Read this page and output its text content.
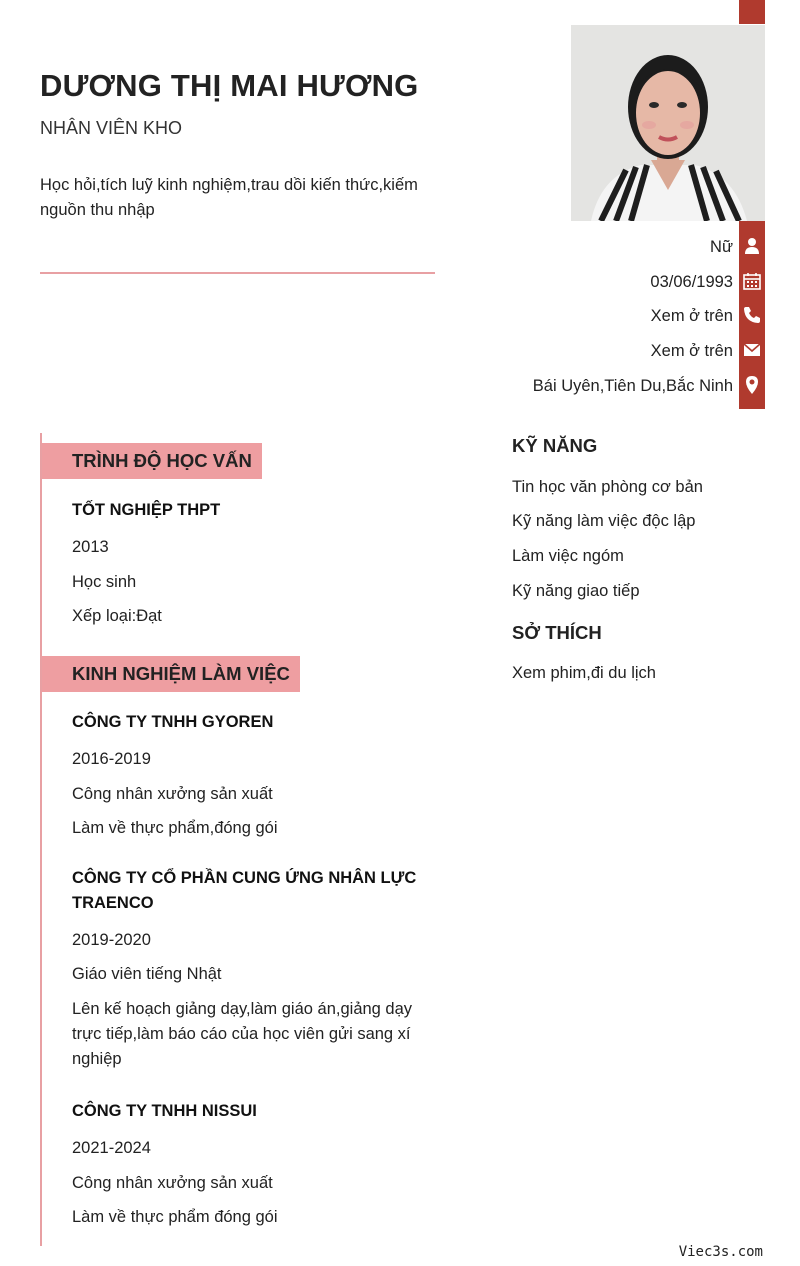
DƯƠNG THỊ MAI HƯƠNG
NHÂN VIÊN KHO
Học hỏi,tích luỹ kinh nghiệm,trau dồi kiến thức,kiếm nguồn thu nhập
Nữ
03/06/1993
Xem ở trên
Xem ở trên
Bái Uyên,Tiên Du,Bắc Ninh
TRÌNH ĐỘ HỌC VẤN
TỐT NGHIỆP THPT
2013
Học sinh
Xếp loại:Đạt
KINH NGHIỆM LÀM VIỆC
CÔNG TY TNHH GYOREN
2016-2019
Công nhân xưởng sản xuất
Làm về thực phẩm,đóng gói
CÔNG TY CỔ PHẦN CUNG ỨNG NHÂN LỰC TRAENCO
2019-2020
Giáo viên tiếng Nhật
Lên kế hoạch giảng dạy,làm giáo án,giảng dạy trực tiếp,làm báo cáo của học viên gửi sang xí nghiệp
CÔNG TY TNHH NISSUI
2021-2024
Công nhân xưởng sản xuất
Làm về thực phẩm đóng gói
KỸ NĂNG
Tin học văn phòng cơ bản
Kỹ năng làm việc độc lập
Làm việc ngóm
Kỹ năng giao tiếp
SỞ THÍCH
Xem phim,đi du lịch
Viec3s.com
